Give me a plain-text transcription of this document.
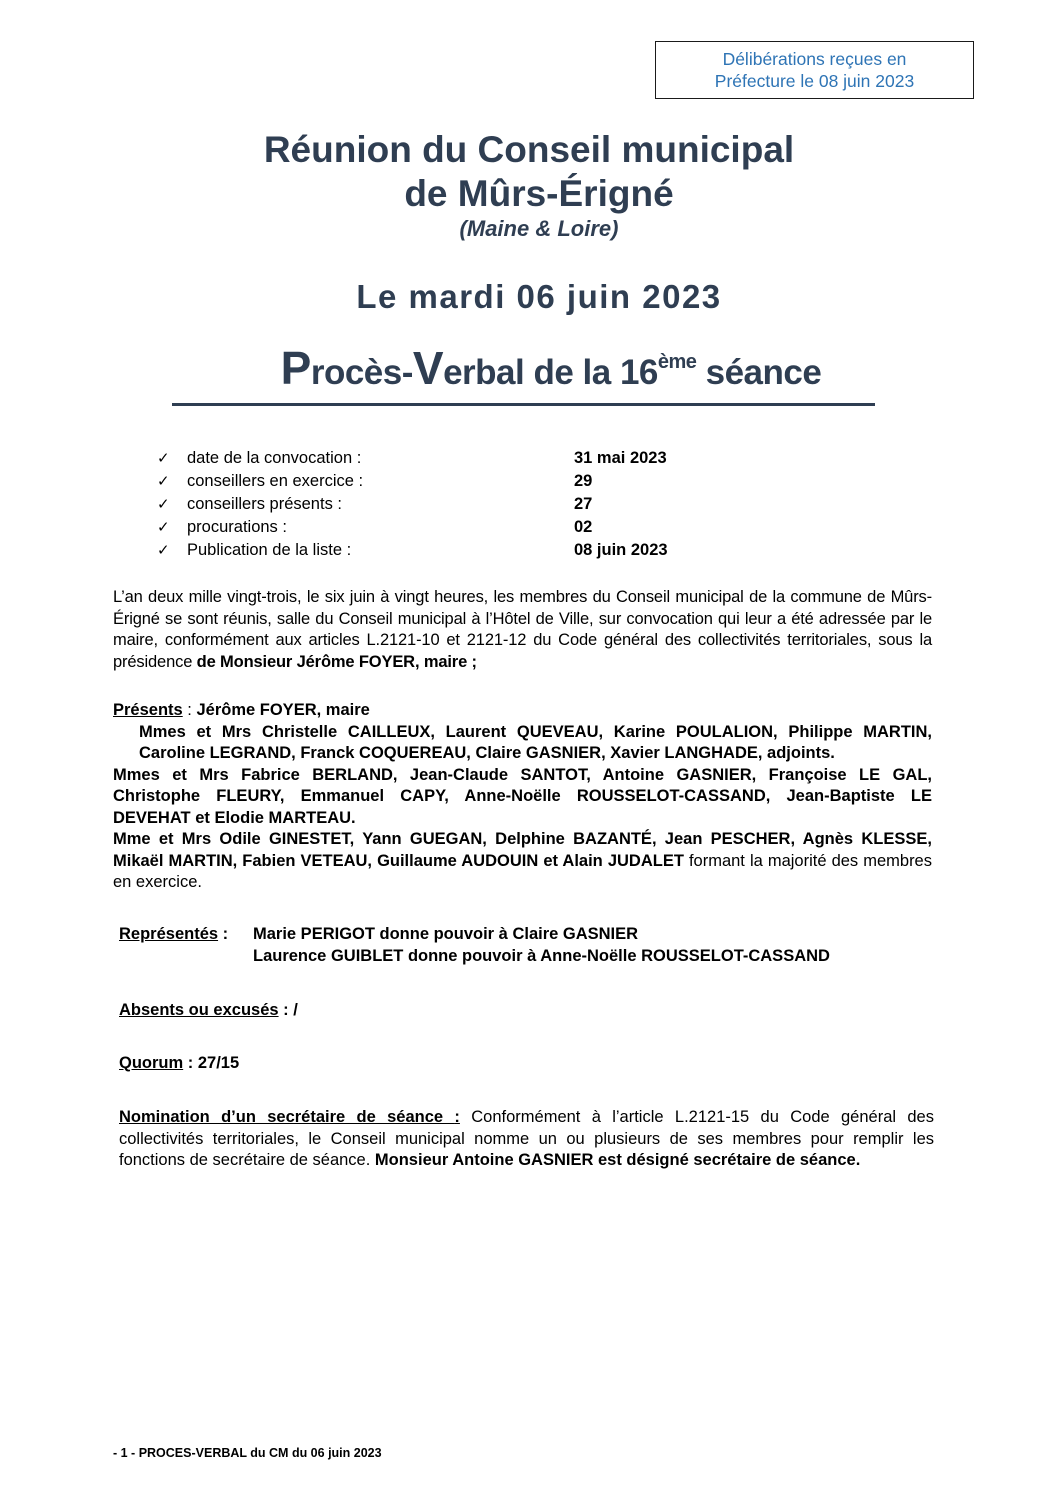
Délibérations reçues en
Préfecture le 08 juin 2023
Réunion du Conseil municipal
de Mûrs-Érigné
(Maine & Loire)
Le mardi 06 juin 2023
Procès-Verbal de la 16ème séance
✓ date de la convocation :	31 mai 2023
✓ conseillers en exercice :	29
✓ conseillers présents :	27
✓ procurations :	02
✓ Publication de la liste :	08 juin 2023
L’an deux mille vingt-trois, le six juin à vingt heures, les membres du Conseil municipal de la commune de Mûrs-Érigné se sont réunis, salle du Conseil municipal à l’Hôtel de Ville, sur convocation qui leur a été adressée par le maire, conformément aux articles L.2121-10 et 2121-12 du Code général des collectivités territoriales, sous la présidence de Monsieur Jérôme FOYER, maire ;
Présents : Jérôme FOYER, maire
Mmes et Mrs Christelle CAILLEUX, Laurent QUEVEAU, Karine POULALION, Philippe MARTIN, Caroline LEGRAND, Franck COQUEREAU, Claire GASNIER, Xavier LANGHADE, adjoints.
Mmes et Mrs Fabrice BERLAND, Jean-Claude SANTOT, Antoine GASNIER, Françoise LE GAL, Christophe FLEURY, Emmanuel CAPY, Anne-Noëlle ROUSSELOT-CASSAND, Jean-Baptiste LE DEVEHAT et Elodie MARTEAU.
Mme et Mrs Odile GINESTET, Yann GUEGAN, Delphine BAZANTÉ, Jean PESCHER, Agnès KLESSE, Mikaël MARTIN, Fabien VETEAU, Guillaume AUDOUIN et Alain JUDALET formant la majorité des membres en exercice.
Représentés :Marie PERIGOT donne pouvoir à Claire GASNIER
Laurence GUIBLET donne pouvoir à Anne-Noëlle ROUSSELOT-CASSAND
Absents ou excusés : /
Quorum : 27/15
Nomination d’un secrétaire de séance : Conformément à l’article L.2121-15 du Code général des collectivités territoriales, le Conseil municipal nomme un ou plusieurs de ses membres pour remplir les fonctions de secrétaire de séance. Monsieur Antoine GASNIER est désigné secrétaire de séance.
- 1 - PROCES-VERBAL du CM du 06 juin 2023
